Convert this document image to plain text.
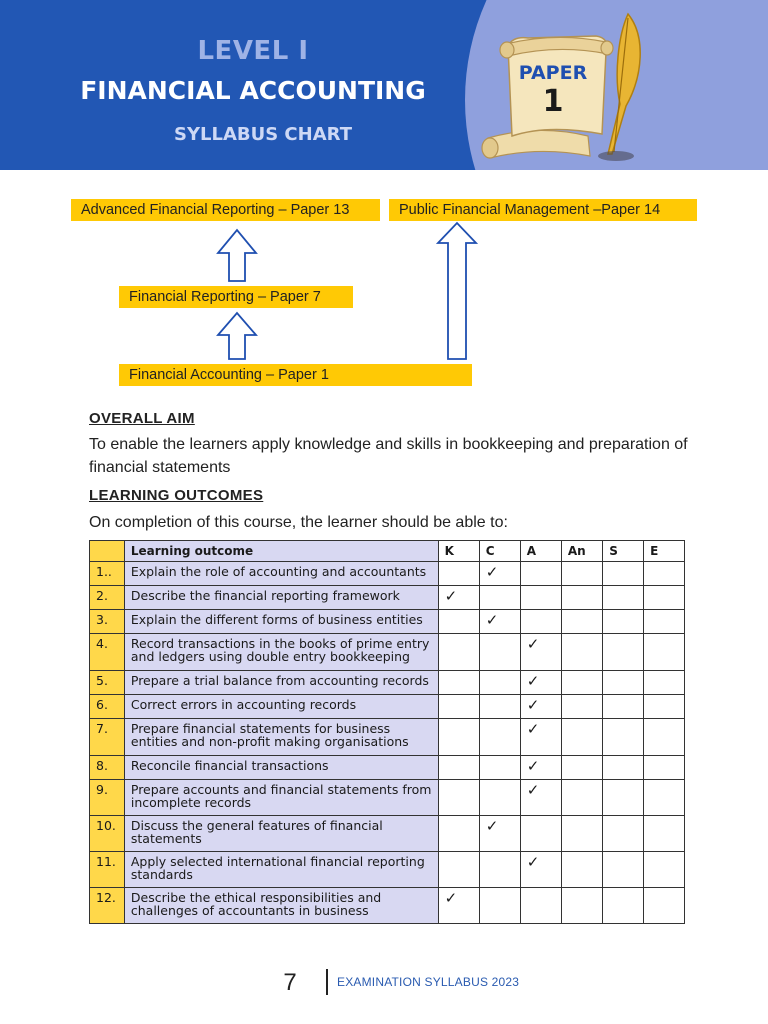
LEVEL I
FINANCIAL ACCOUNTING
SYLLABUS CHART
PAPER
1
Advanced Financial Reporting – Paper 13	Public Financial Management –Paper 14
Financial Reporting – Paper 7
Financial Accounting – Paper 1
OVERALL AIM
To enable the learners apply knowledge and skills in bookkeeping and preparation of financial statements
LEARNING OUTCOMES
On completion of this course, the learner should be able to:
	Learning outcome	K	C	A	An	S	E
1..	Explain the role of accounting and accountants		✓				
2.	Describe the financial reporting framework	✓					
3.	Explain the different forms of business entities		✓				
4.	Record transactions in the books of prime entry and ledgers using double entry bookkeeping			✓			
5.	Prepare a trial balance from accounting records			✓			
6.	Correct errors in accounting records			✓			
7.	Prepare financial statements for business entities and non-profit making organisations			✓			
8.	Reconcile financial transactions			✓			
9.	Prepare accounts and financial statements from incomplete records			✓			
10.	Discuss the general features of financial statements		✓				
11.	Apply selected international financial reporting standards			✓			
12.	Describe the ethical responsibilities and challenges of accountants in business	✓					
7	EXAMINATION SYLLABUS 2023
